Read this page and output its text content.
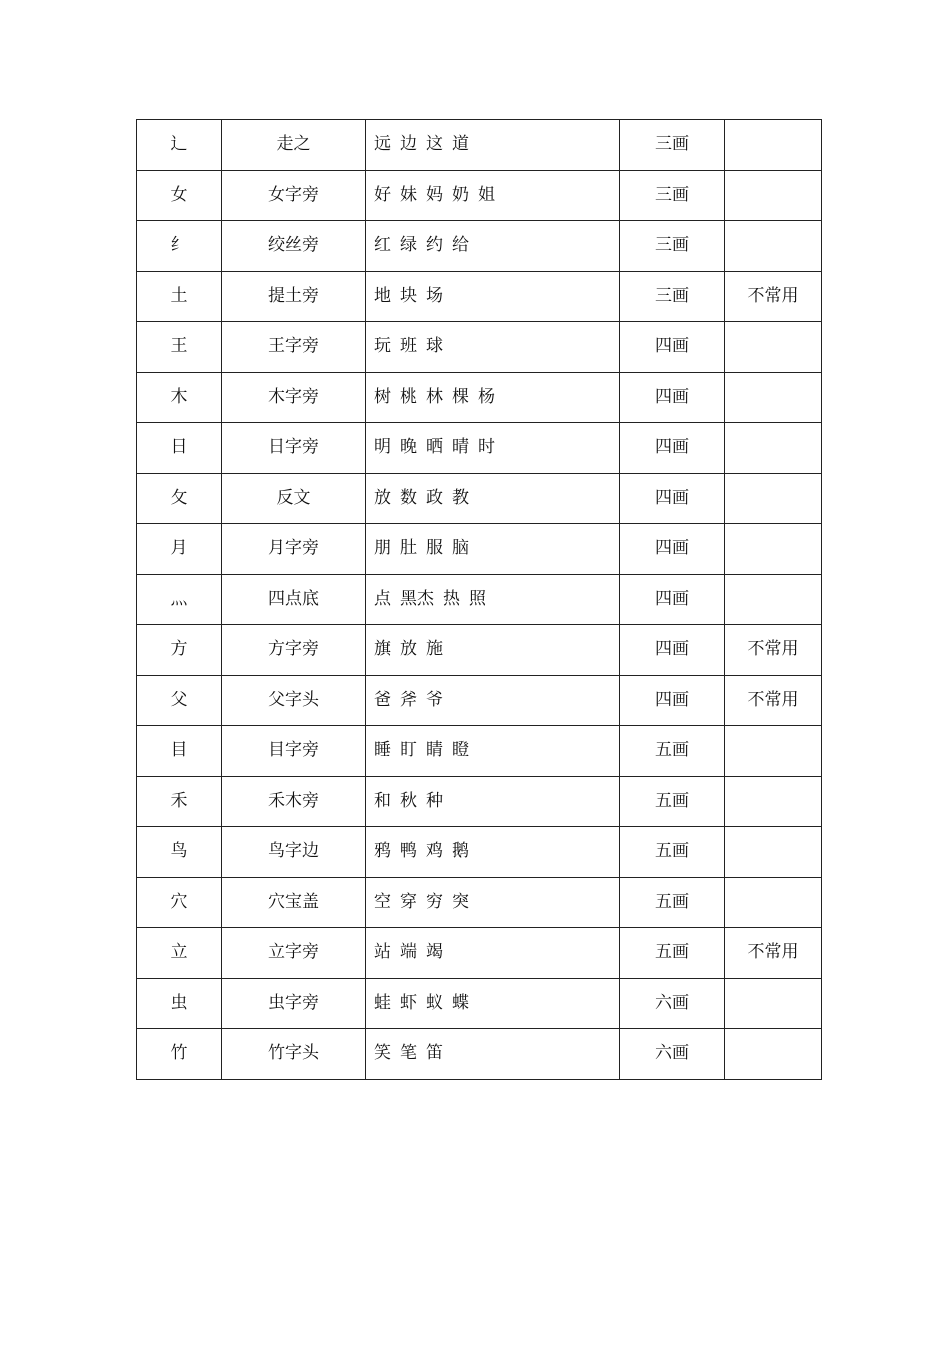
辶	走之	远 边 这 道	三画	
女	女字旁	好 妹 妈 奶 姐	三画	
纟	绞丝旁	红 绿 约 给	三画	
土	提土旁	地 块 场	三画	不常用
王	王字旁	玩 班 球	四画	
木	木字旁	树 桃 林 棵 杨	四画	
日	日字旁	明 晚 晒 晴 时	四画	
攵	反文	放 数 政 教	四画	
月	月字旁	朋 肚 服 脑	四画	
灬	四点底	点 黑杰 热 照	四画	
方	方字旁	旗 放 施	四画	不常用
父	父字头	爸 斧 爷	四画	不常用
目	目字旁	睡 盯 睛 瞪	五画	
禾	禾木旁	和 秋 种	五画	
鸟	鸟字边	鸦 鸭 鸡 鹅	五画	
穴	穴宝盖	空 穿 穷 突	五画	
立	立字旁	站 端 竭	五画	不常用
虫	虫字旁	蛙 虾 蚁 蝶	六画	
竹	竹字头	笑 笔 笛	六画	
